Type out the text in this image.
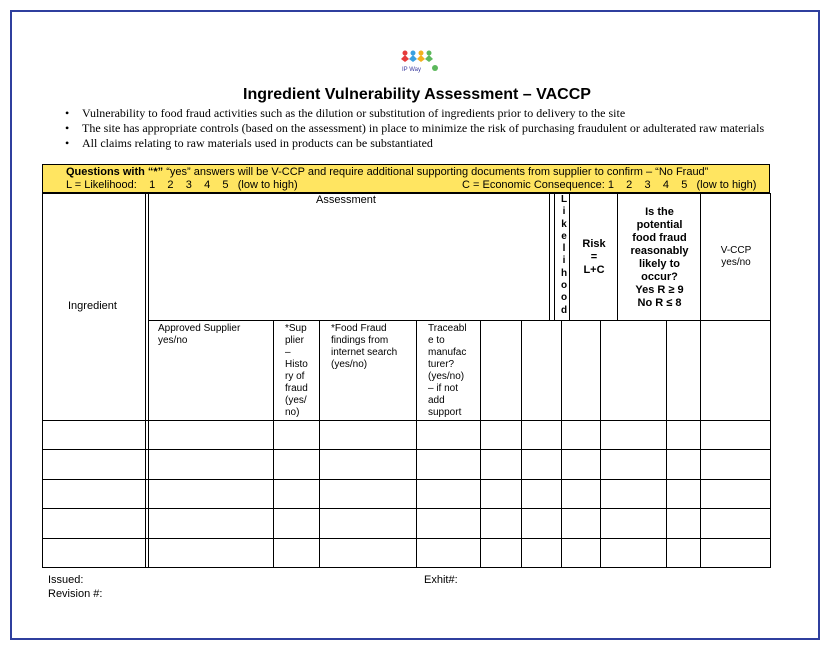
IP Way
Ingredient Vulnerability Assessment – VACCP
• Vulnerability to food fraud activities such as the dilution or substitution of ingredients prior to delivery to the site
• The site has appropriate controls (based on the assessment) in place to minimize the risk of purchasing fraudulent or adulterated raw materials
• All claims relating to raw materials used in products can be substantiated
Questions with “*” “yes” answers will be V-CCP and require additional supporting documents from supplier to confirm – “No Fraud”
L = Likelihood:    1    2    3    4    5   (low to high)	C = Economic Consequence: 1    2    3    4    5   (low to high)
Assessment
Ingredient
L
i
k
e
l
i
h
o
o
d
Risk
=
L+C
Is the
potential
food fraud
reasonably
likely to
occur?
Yes R ≥ 9
No R ≤ 8
V-CCP
yes/no
Approved Supplier
yes/no
*Sup
plier
–
Histo
ry of
fraud
(yes/
no)
*Food Fraud
findings from
internet search
(yes/no)
Traceabl
e to
manufac
turer?
(yes/no)
– if not
add
support
Issued:
Revision #:
Exhit#:
